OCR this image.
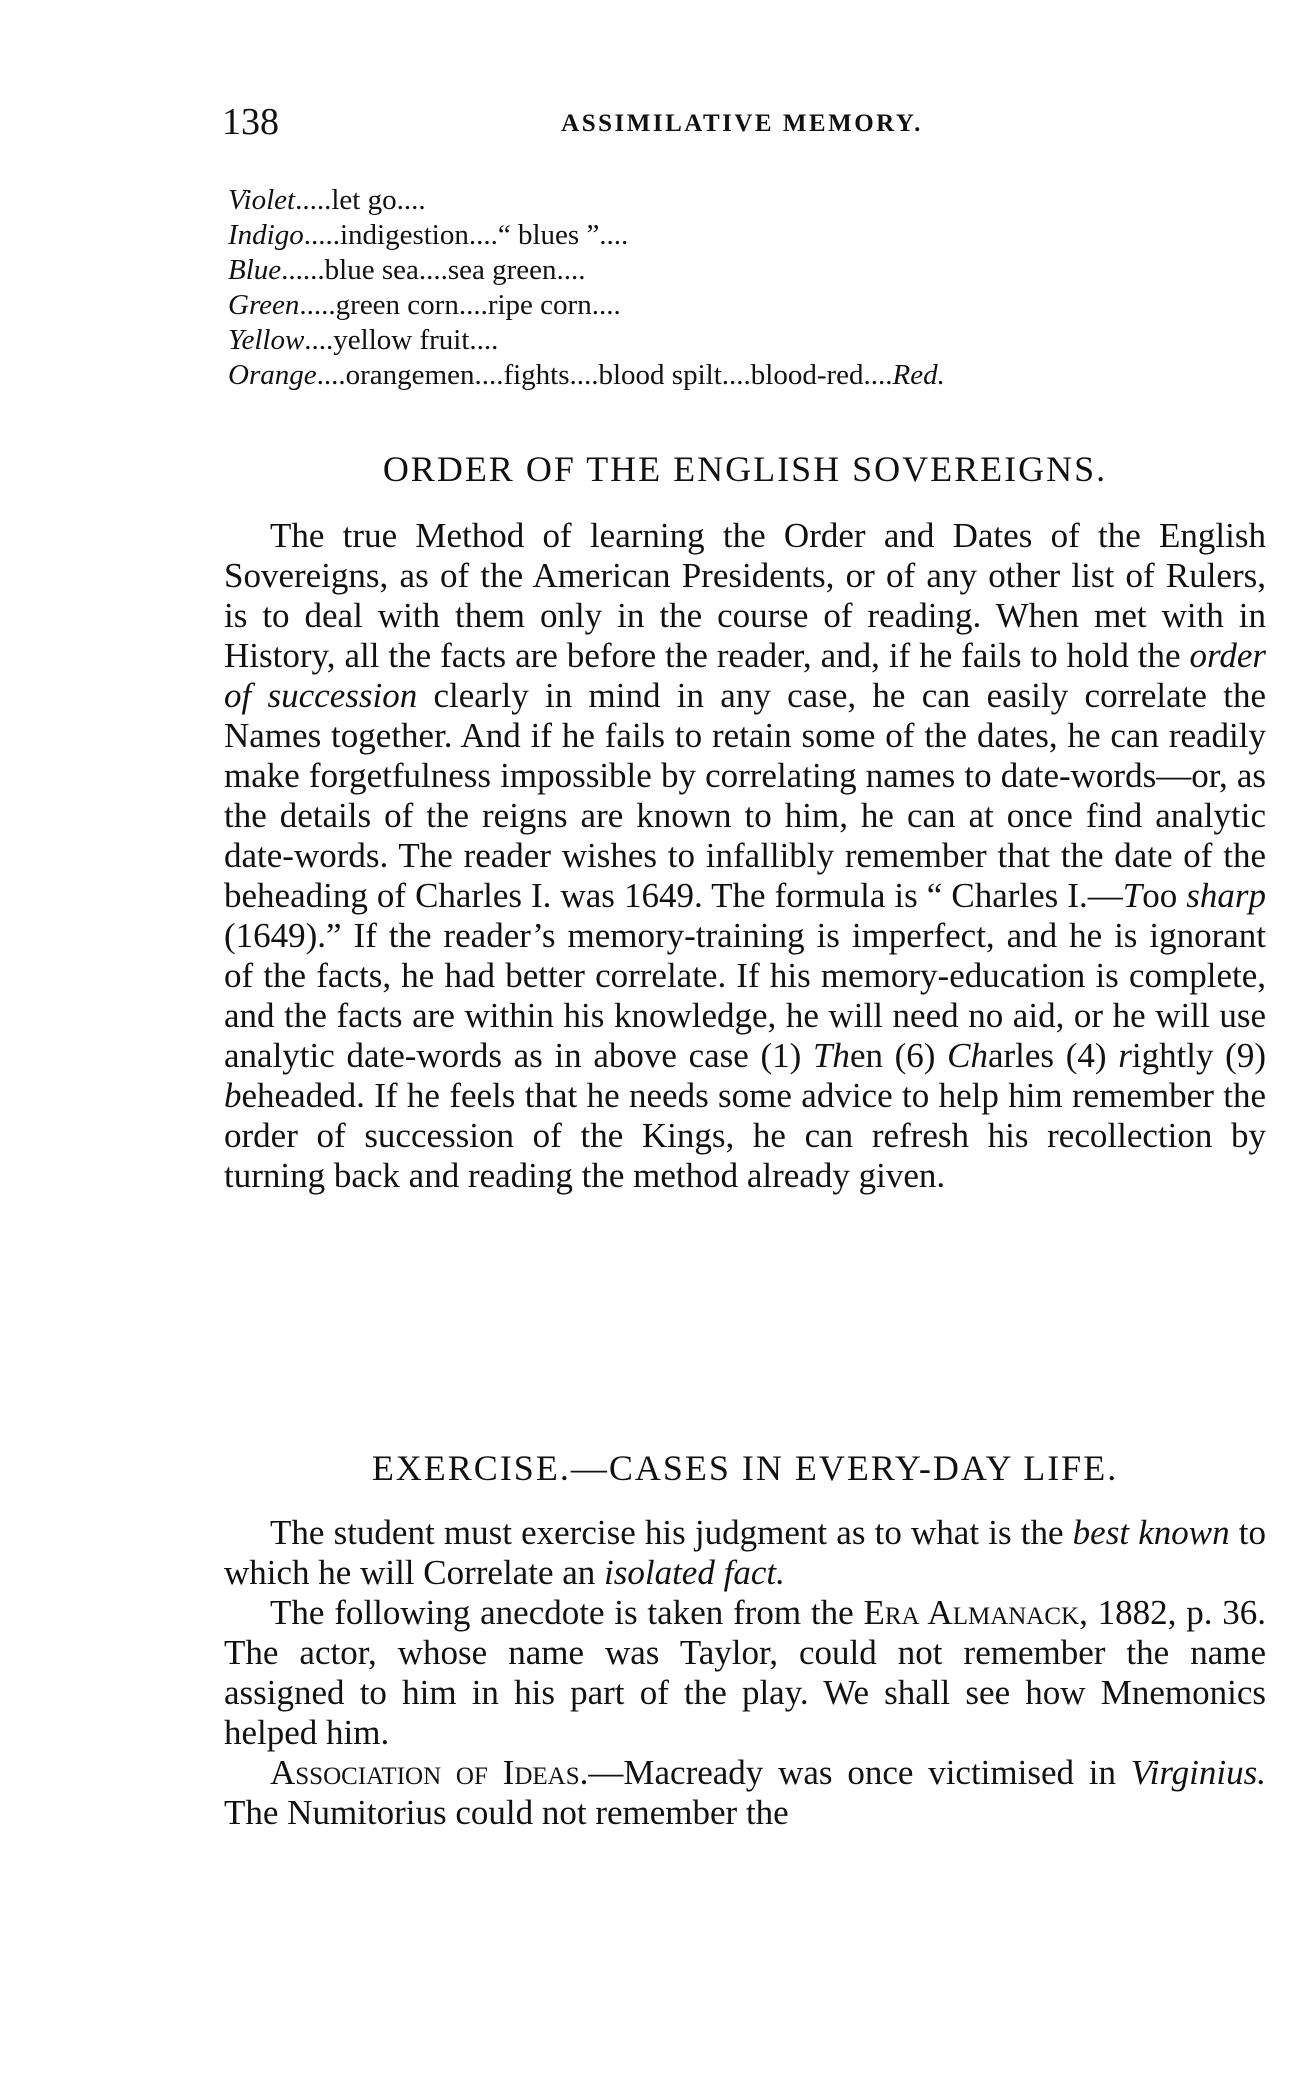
138	ASSIMILATIVE MEMORY.
Violet.....let go....
Indigo.....indigestion....“ blues ”....
Blue......blue sea....sea green....
Green.....green corn....ripe corn....
Yellow....yellow fruit....
Orange....orangemen....fights....blood spilt....blood-red....Red.
ORDER OF THE ENGLISH SOVEREIGNS.

The true Method of learning the Order and Dates of the English Sovereigns, as of the American Presidents, or of any other list of Rulers, is to deal with them only in the course of reading. When met with in History, all the facts are before the reader, and, if he fails to hold the order of succession clearly in mind in any case, he can easily correlate the Names together. And if he fails to retain some of the dates, he can readily make forgetfulness impossible by correlating names to date-words—or, as the details of the reigns are known to him, he can at once find analytic date-words. The reader wishes to infallibly remember that the date of the beheading of Charles I. was 1649. The formula is “ Charles I.—Too sharp (1649).” If the reader’s memory-training is imperfect, and he is ignorant of the facts, he had better correlate. If his memory-education is complete, and the facts are within his knowledge, he will need no aid, or he will use analytic date-words as in above case (1) Then (6) Charles (4) rightly (9) beheaded. If he feels that he needs some advice to help him remember the order of succession of the Kings, he can refresh his recollection by turning back and reading the method already given.

EXERCISE.—CASES IN EVERY-DAY LIFE.

The student must exercise his judgment as to what is the best known to which he will Correlate an isolated fact.

The following anecdote is taken from the Era Almanack, 1882, p. 36. The actor, whose name was Taylor, could not remember the name assigned to him in his part of the play. We shall see how Mnemonics helped him.

Association of Ideas.—Macready was once victimised in Virginius. The Numitorius could not remember the
